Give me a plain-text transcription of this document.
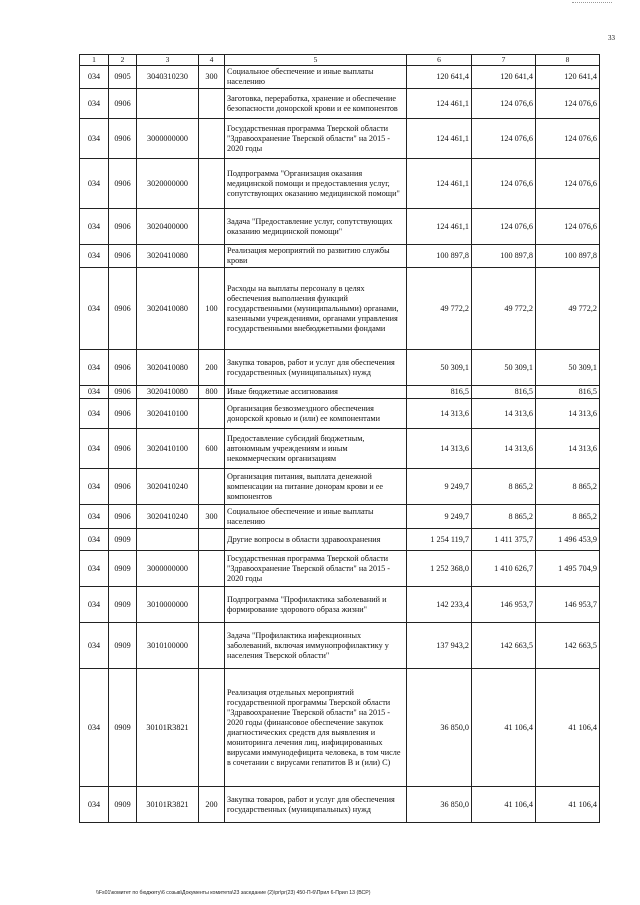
33
1	2	3	4	5	6	7	8
034	0905	3040310230	300	Социальное обеспечение и иные выплаты населению	120 641,4	120 641,4	120 641,4
034	0906			Заготовка, переработка, хранение и обеспечение безопасности донорской крови и ее компонентов	124 461,1	124 076,6	124 076,6
034	0906	3000000000		Государственная программа Тверской области "Здравоохранение Тверской области" на 2015 - 2020 годы	124 461,1	124 076,6	124 076,6
034	0906	3020000000		Подпрограмма "Организация оказания медицинской помощи и предоставления услуг, сопутствующих оказанию медицинской помощи"	124 461,1	124 076,6	124 076,6
034	0906	3020400000		Задача "Предоставление услуг, сопутствующих оказанию медицинской помощи"	124 461,1	124 076,6	124 076,6
034	0906	3020410080		Реализация мероприятий по развитию службы крови	100 897,8	100 897,8	100 897,8
034	0906	3020410080	100	Расходы на выплаты персоналу в целях обеспечения выполнения функций государственными (муниципальными) органами, казенными учреждениями, органами управления государственными внебюджетными фондами	49 772,2	49 772,2	49 772,2
034	0906	3020410080	200	Закупка товаров, работ и услуг для обеспечения государственных (муниципальных) нужд	50 309,1	50 309,1	50 309,1
034	0906	3020410080	800	Иные бюджетные ассигнования	816,5	816,5	816,5
034	0906	3020410100		Организация безвозмездного обеспечения донорской кровью и (или) ее компонентами	14 313,6	14 313,6	14 313,6
034	0906	3020410100	600	Предоставление субсидий бюджетным, автономным учреждениям и иным некоммерческим организациям	14 313,6	14 313,6	14 313,6
034	0906	3020410240		Организация питания, выплата денежной компенсации на питание донорам крови и ее компонентов	9 249,7	8 865,2	8 865,2
034	0906	3020410240	300	Социальное обеспечение и иные выплаты населению	9 249,7	8 865,2	8 865,2
034	0909			Другие вопросы в области здравоохранения	1 254 119,7	1 411 375,7	1 496 453,9
034	0909	3000000000		Государственная программа Тверской области "Здравоохранение Тверской области" на 2015 - 2020 годы	1 252 368,0	1 410 626,7	1 495 704,9
034	0909	3010000000		Подпрограмма "Профилактика заболеваний и формирование здорового образа жизни"	142 233,4	146 953,7	146 953,7
034	0909	3010100000		Задача "Профилактика инфекционных заболеваний, включая иммунопрофилактику у населения Тверской области"	137 943,2	142 663,5	142 663,5
034	0909	30101R3821		Реализация отдельных мероприятий государственной программы Тверской области "Здравоохранение Тверской области" на 2015 - 2020 годы (финансовое обеспечение закупок диагностических средств для выявления и мониторинга лечения лиц, инфицированных вирусами иммунодефицита человека, в том числе в сочетании с вирусами гепатитов В и (или) С)	36 850,0	41 106,4	41 106,4
034	0909	30101R3821	200	Закупка товаров, работ и услуг для обеспечения государственных (муниципальных) нужд	36 850,0	41 106,4	41 106,4
\\Fs01\комитет по бюджету\6 созыв\Документы комитета\23 заседание (2)\pr\pr(23) 450-П-6\Прил 6-Прил 13 (ВСР)
